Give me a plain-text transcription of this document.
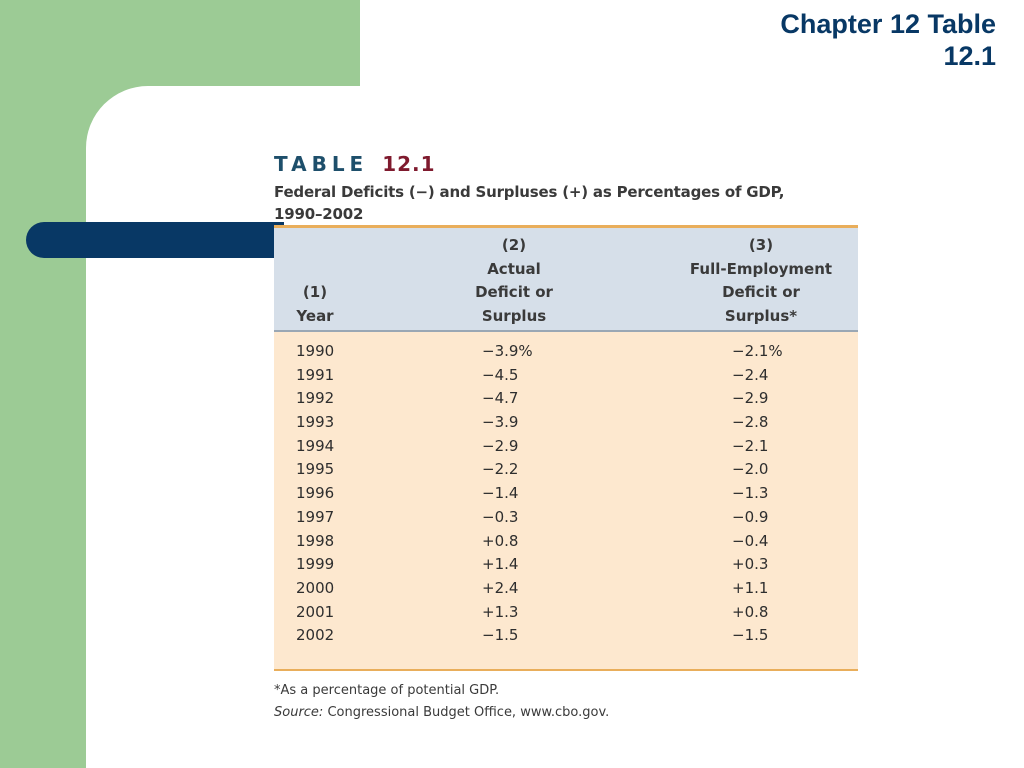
Chapter 12 Table
12.1
TABLE 12.1
Federal Deficits (−) and Surpluses (+) as Percentages of GDP,
1990–2002
(1)
Year
(2)
Actual
Deficit or
Surplus
(3)
Full-Employment
Deficit or
Surplus*
1990	−3.9%	−2.1%
1991	−4.5	−2.4
1992	−4.7	−2.9
1993	−3.9	−2.8
1994	−2.9	−2.1
1995	−2.2	−2.0
1996	−1.4	−1.3
1997	−0.3	−0.9
1998	+0.8	−0.4
1999	+1.4	+0.3
2000	+2.4	+1.1
2001	+1.3	+0.8
2002	−1.5	−1.5
*As a percentage of potential GDP.
Source: Congressional Budget Office, www.cbo.gov.
